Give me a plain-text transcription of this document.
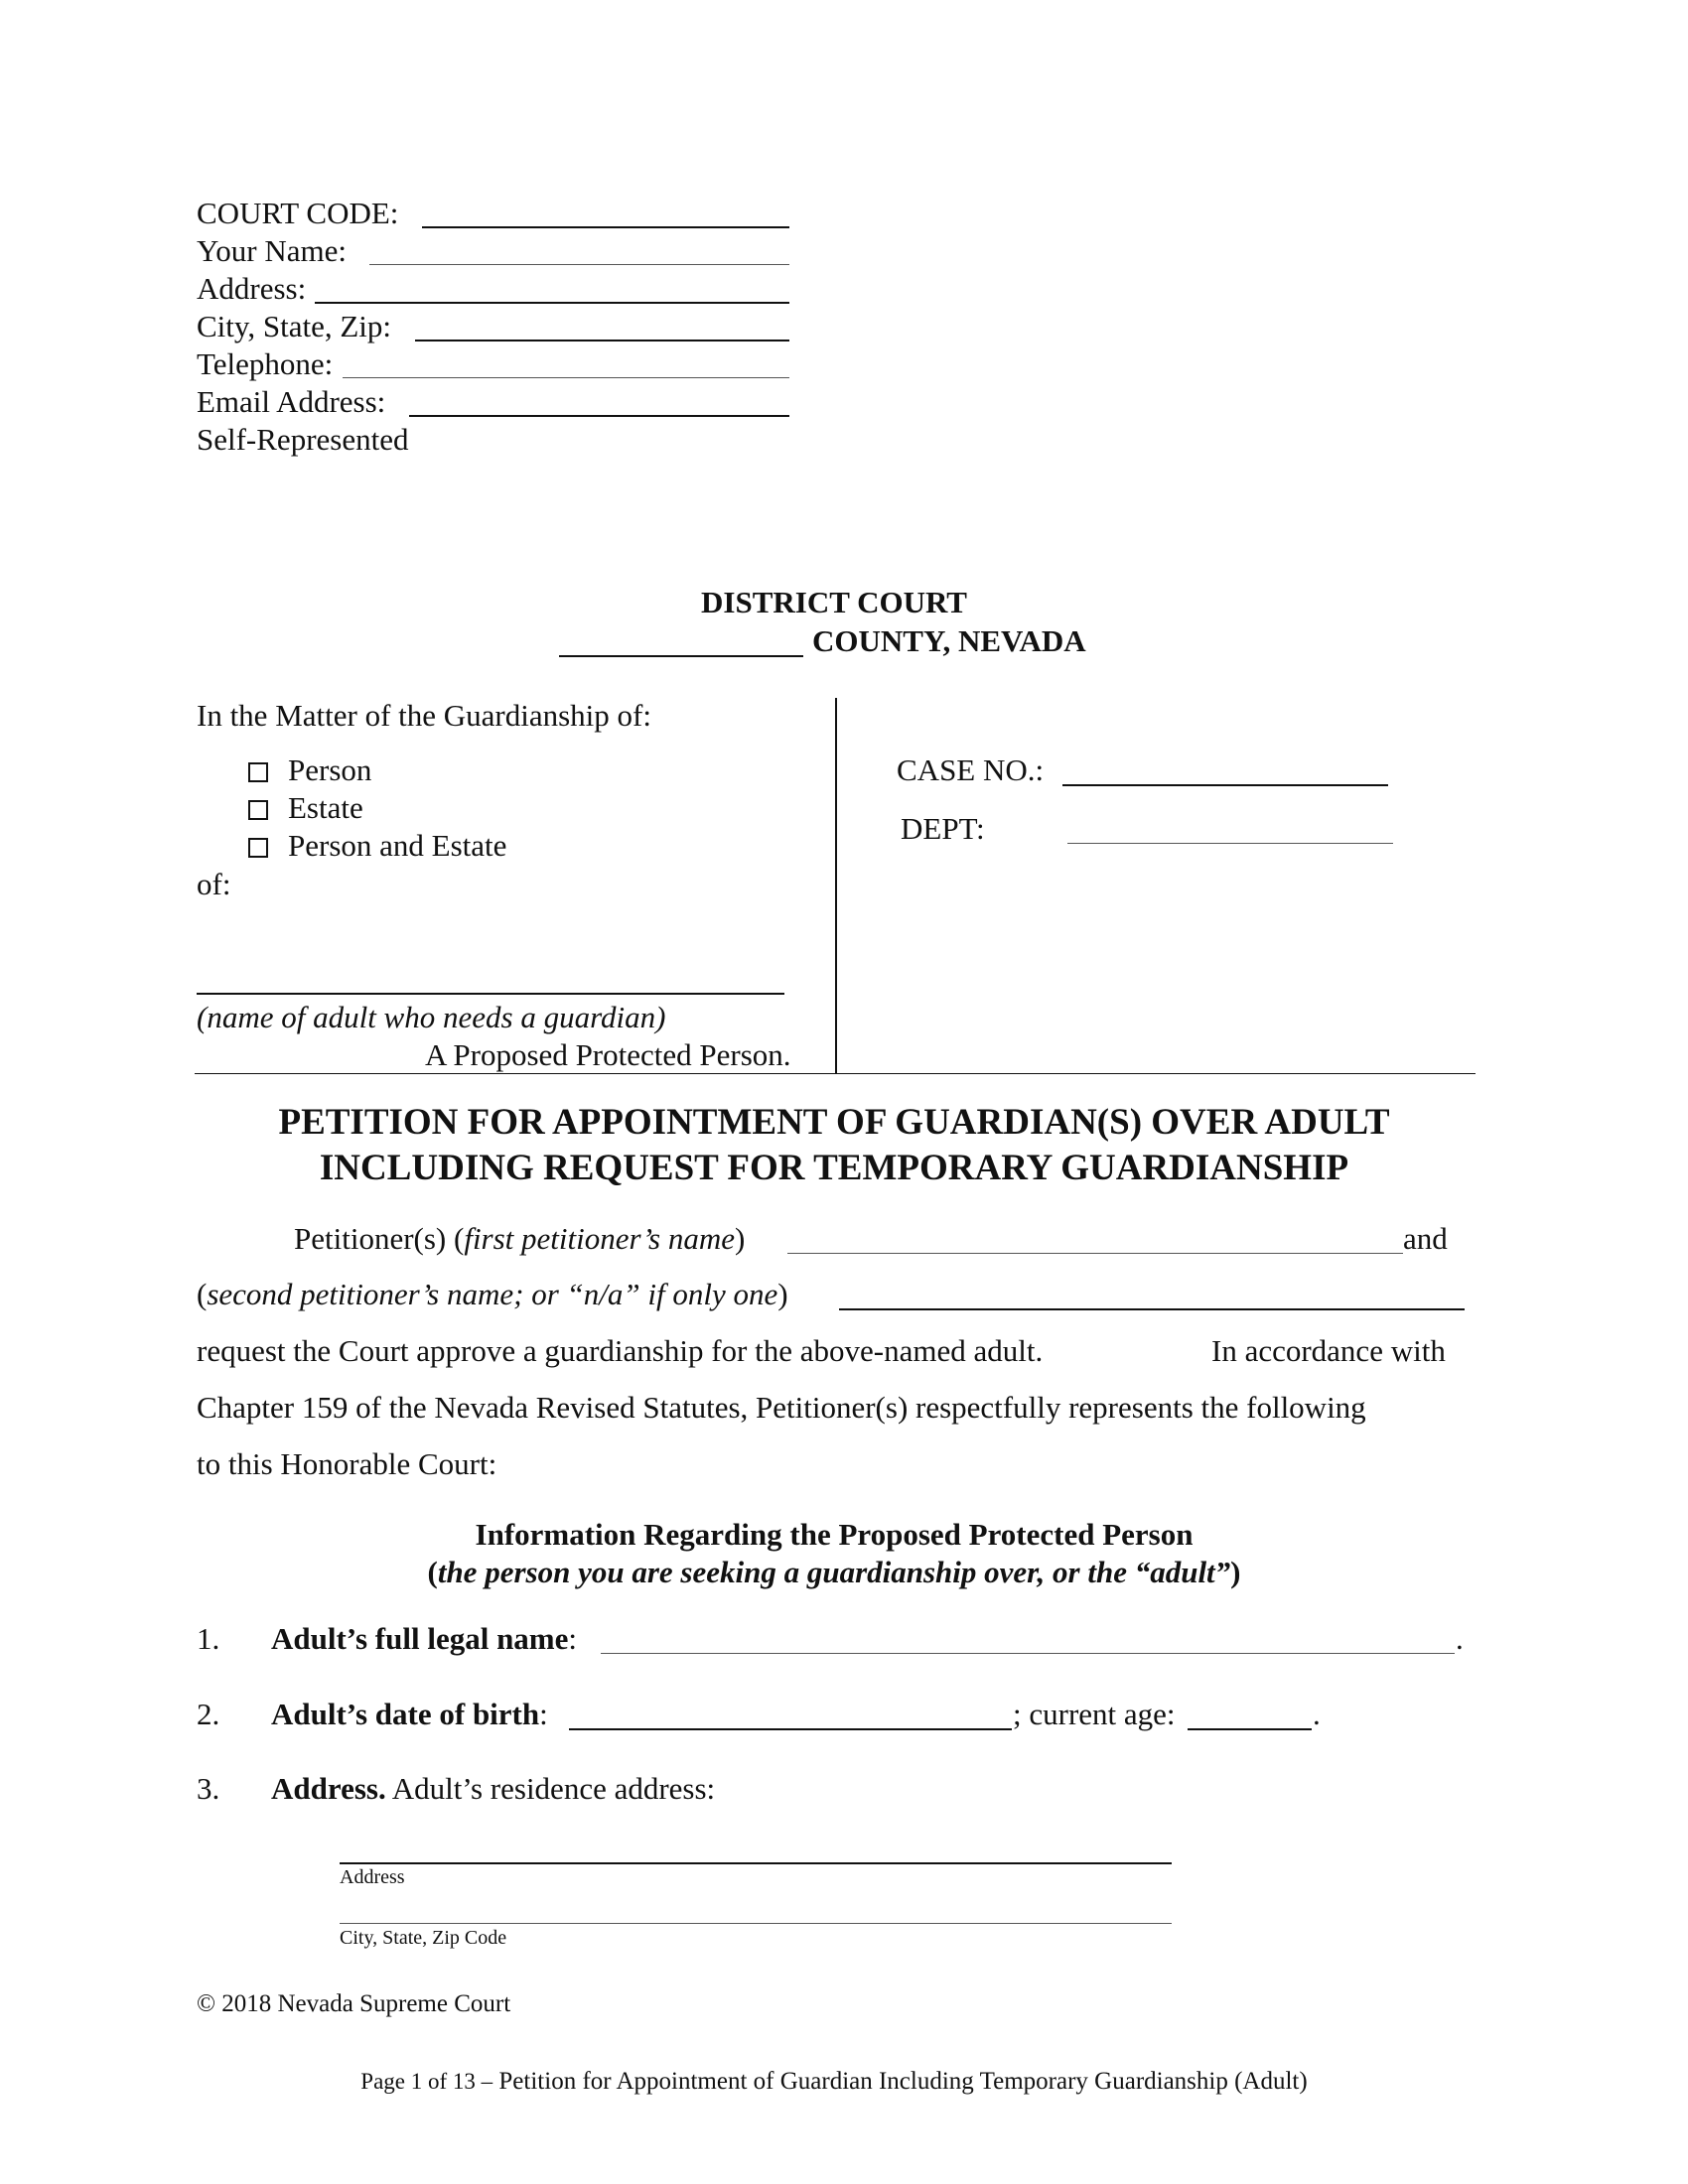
COURT CODE:
Your Name:
Address:
City, State, Zip:
Telephone:
Email Address:
Self-Represented
DISTRICT COURT
COUNTY, NEVADA
In the Matter of the Guardianship of:
Person
Estate
Person and Estate
of:
(name of adult who needs a guardian)
A Proposed Protected Person.
CASE NO.:
DEPT:
PETITION FOR APPOINTMENT OF GUARDIAN(S) OVER ADULT
INCLUDING REQUEST FOR TEMPORARY GUARDIANSHIP
Petitioner(s) (first petitioner’s name)	and
(second petitioner’s name; or “n/a” if only one)
request the Court approve a guardianship for the above-named adult.	In accordance with
Chapter 159 of the Nevada Revised Statutes, Petitioner(s) respectfully represents the following
to this Honorable Court:
Information Regarding the Proposed Protected Person
(the person you are seeking a guardianship over, or the “adult”)
1. Adult’s full legal name:	.
2. Adult’s date of birth:	; current age:	.
3. Address. Adult’s residence address:
Address
City, State, Zip Code
© 2018 Nevada Supreme Court
Page 1 of 13 – Petition for Appointment of Guardian Including Temporary Guardianship (Adult)
